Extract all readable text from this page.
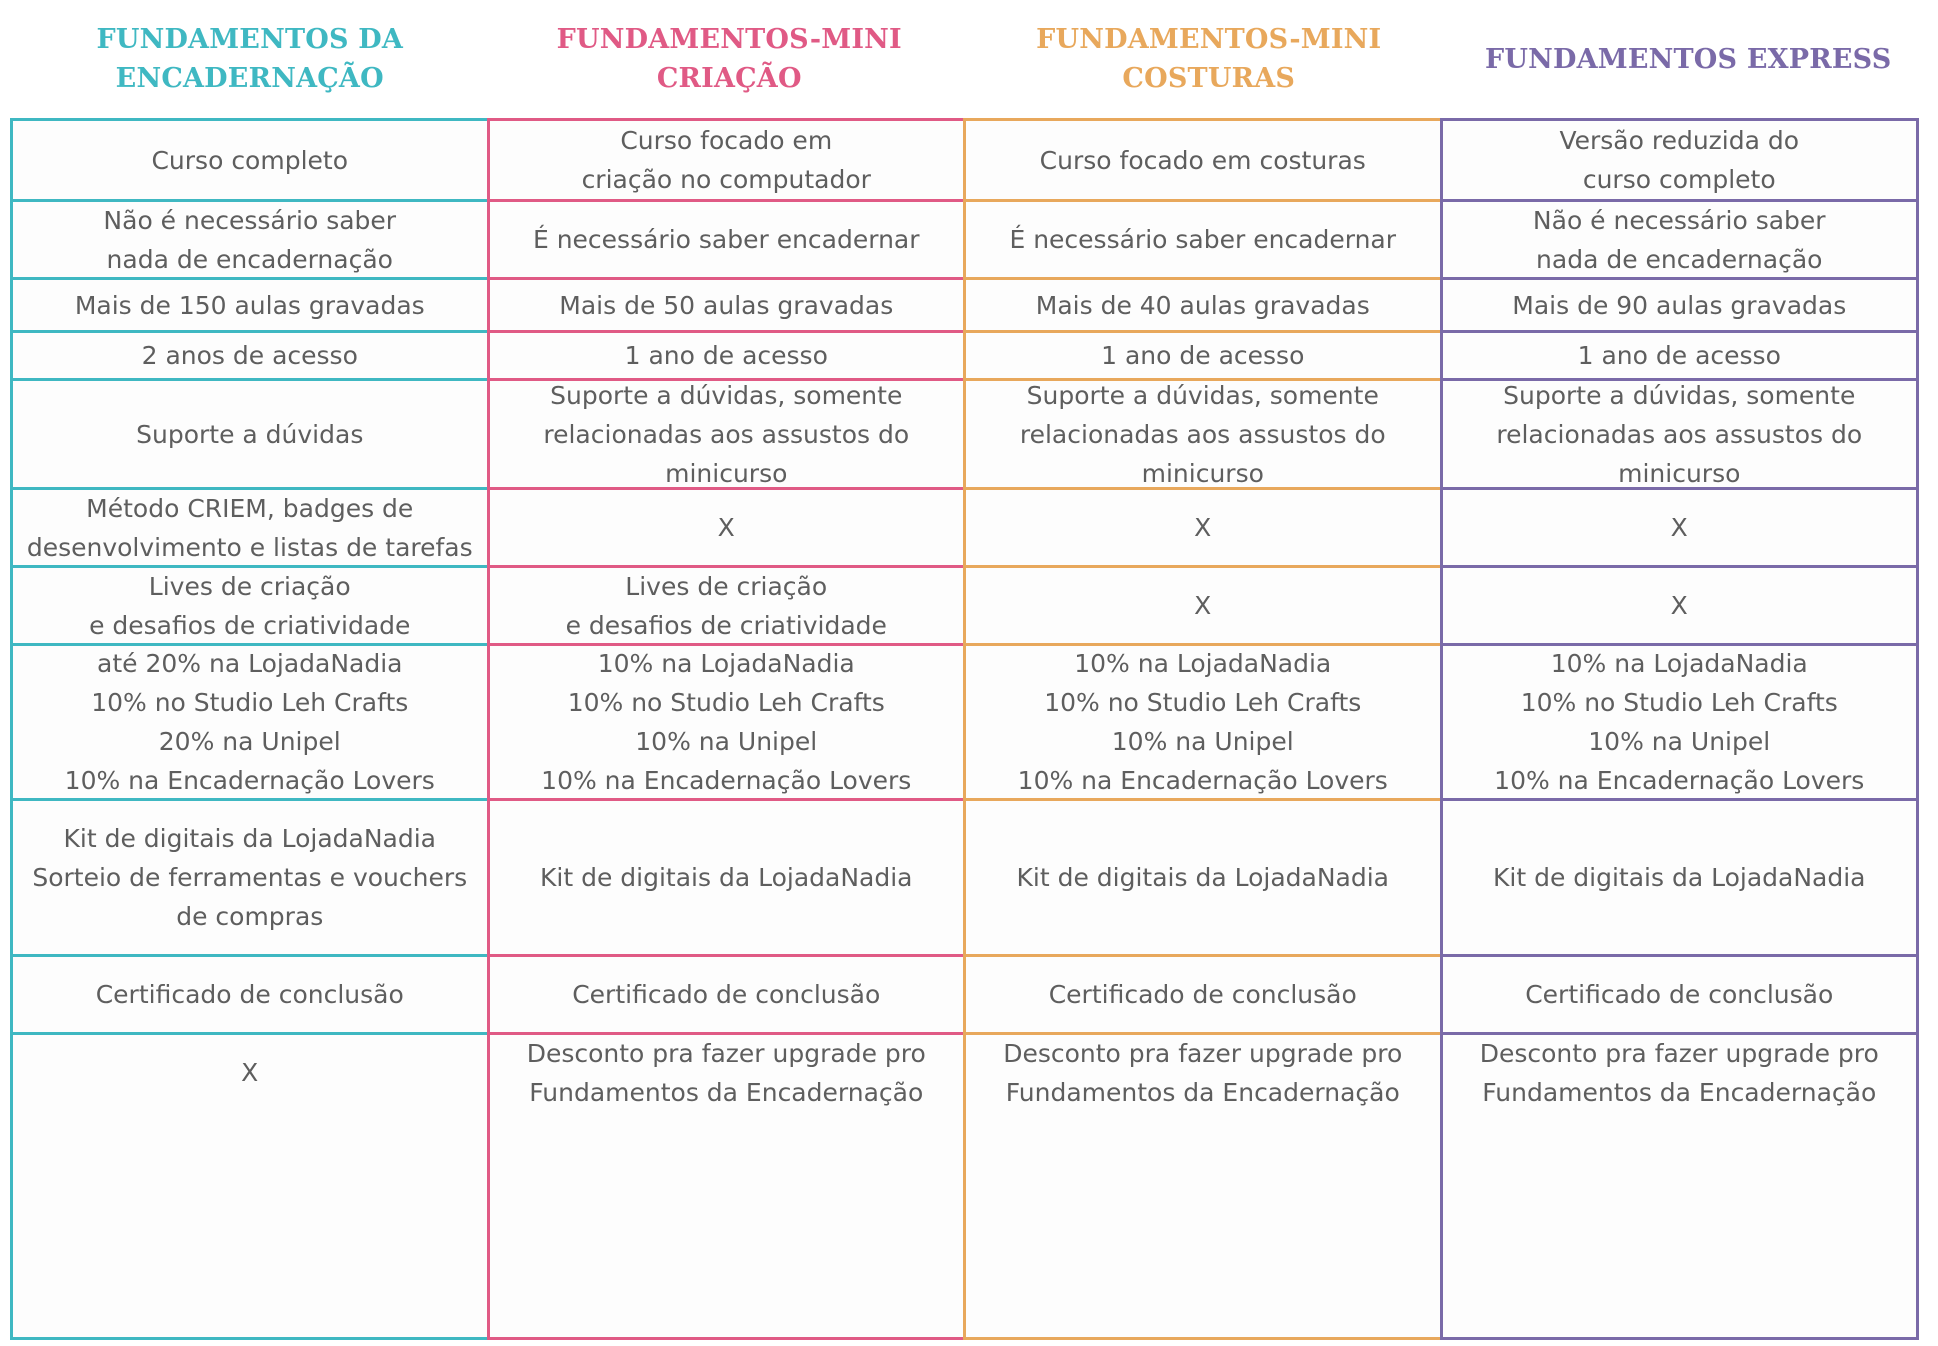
FUNDAMENTOS DA
ENCADERNAÇÃO
FUNDAMENTOS-MINI
CRIAÇÃO
FUNDAMENTOS-MINI
COSTURAS
FUNDAMENTOS EXPRESS
Curso completo
Não é necessário saber
nada de encadernação
Mais de 150 aulas gravadas
2 anos de acesso
Suporte a dúvidas
Método CRIEM, badges de
desenvolvimento e listas de tarefas
Lives de criação
e desafios de criatividade
até 20% na LojadaNadia
10% no Studio Leh Crafts
20% na Unipel
10% na Encadernação Lovers
Kit de digitais da LojadaNadia
Sorteio de ferramentas e vouchers
de compras
Certificado de conclusão
X
Curso focado em
criação no computador
É necessário saber encadernar
Mais de 50 aulas gravadas
1 ano de acesso
Suporte a dúvidas, somente
relacionadas aos assustos do
minicurso
X
Lives de criação
e desafios de criatividade
10% na LojadaNadia
10% no Studio Leh Crafts
10% na Unipel
10% na Encadernação Lovers
Kit de digitais da LojadaNadia
Certificado de conclusão
Desconto pra fazer upgrade pro
Fundamentos da Encadernação
Curso focado em costuras
É necessário saber encadernar
Mais de 40 aulas gravadas
1 ano de acesso
Suporte a dúvidas, somente
relacionadas aos assustos do
minicurso
X
X
10% na LojadaNadia
10% no Studio Leh Crafts
10% na Unipel
10% na Encadernação Lovers
Kit de digitais da LojadaNadia
Certificado de conclusão
Desconto pra fazer upgrade pro
Fundamentos da Encadernação
Versão reduzida do
curso completo
Não é necessário saber
nada de encadernação
Mais de 90 aulas gravadas
1 ano de acesso
Suporte a dúvidas, somente
relacionadas aos assustos do
minicurso
X
X
10% na LojadaNadia
10% no Studio Leh Crafts
10% na Unipel
10% na Encadernação Lovers
Kit de digitais da LojadaNadia
Certificado de conclusão
Desconto pra fazer upgrade pro
Fundamentos da Encadernação
